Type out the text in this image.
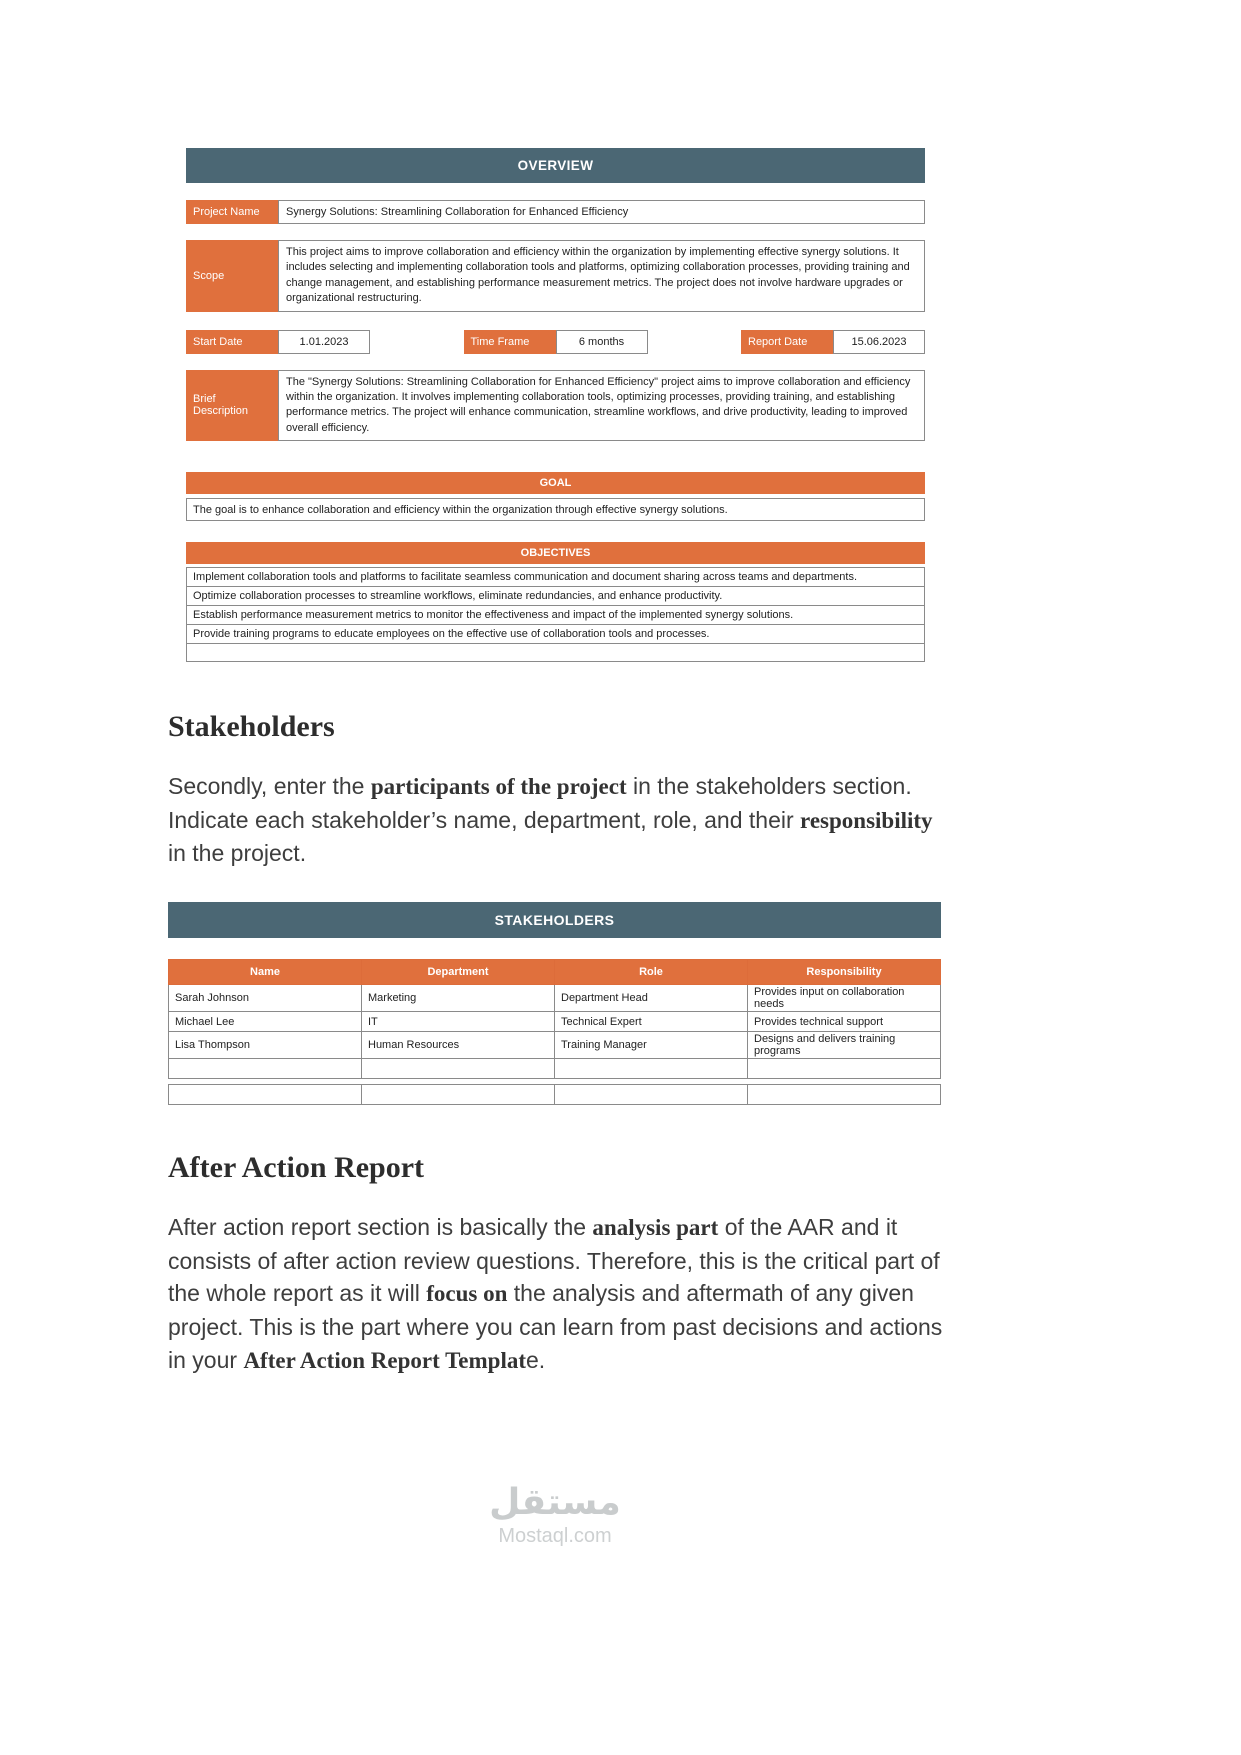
OVERVIEW
Project Name	Synergy Solutions: Streamlining Collaboration for Enhanced Efficiency
Scope
This project aims to improve collaboration and efficiency within the organization by implementing effective synergy solutions. It includes selecting and implementing collaboration tools and platforms, optimizing collaboration processes, providing training and change management, and establishing performance measurement metrics. The project does not involve hardware upgrades or organizational restructuring.
Start Date	1.01.2023	Time Frame	6 months	Report Date	15.06.2023
Brief Description
The "Synergy Solutions: Streamlining Collaboration for Enhanced Efficiency" project aims to improve collaboration and efficiency within the organization. It involves implementing collaboration tools, optimizing processes, providing training, and establishing performance metrics. The project will enhance communication, streamline workflows, and drive productivity, leading to improved overall efficiency.
GOAL
The goal is to enhance collaboration and efficiency within the organization through effective synergy solutions.
OBJECTIVES
Implement collaboration tools and platforms to facilitate seamless communication and document sharing across teams and departments.
Optimize collaboration processes to streamline workflows, eliminate redundancies, and enhance productivity.
Establish performance measurement metrics to monitor the effectiveness and impact of the implemented synergy solutions.
Provide training programs to educate employees on the effective use of collaboration tools and processes.
Stakeholders

Secondly, enter the participants of the project in the stakeholders section. Indicate each stakeholder’s name, department, role, and their responsibility in the project.

STAKEHOLDERS
Name	Department	Role	Responsibility
Sarah Johnson	Marketing	Department Head	Provides input on collaboration needs
Michael Lee	IT	Technical Expert	Provides technical support
Lisa Thompson	Human Resources	Training Manager	Designs and delivers training programs

After Action Report

After action report section is basically the analysis part of the AAR and it consists of after action review questions. Therefore, this is the critical part of the whole report as it will focus on the analysis and aftermath of any given project. This is the part where you can learn from past decisions and actions in your After Action Report Template.

مستقل
Mostaql.com
